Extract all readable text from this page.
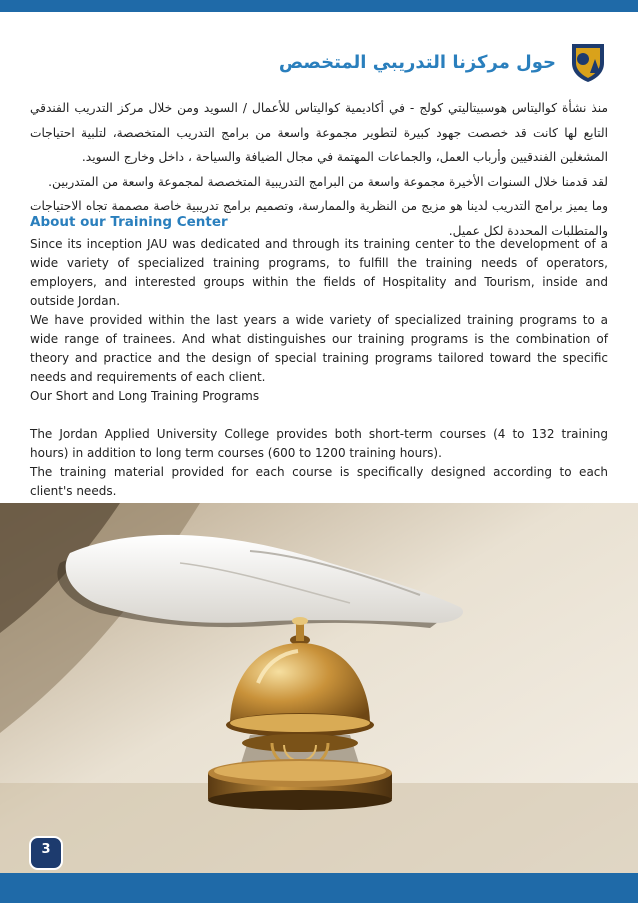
حول مركزنا التدريبي المتخصص

منذ نشأة كواليتاس هوسبيتاليتي كولج - في أكاديمية كواليتاس للأعمال / السويد ومن خلال مركز التدريب الفندقي التابع لها كانت قد خصصت جهود كبيرة لتطوير مجموعة واسعة من برامج التدريب المتخصصة، لتلبية احتياجات المشغلين الفندقيين وأرباب العمل، والجماعات المهتمة في مجال الضيافة والسياحة ، داخل وخارج السويد.

لقد قدمنا خلال السنوات الأخيرة مجموعة واسعة من البرامج التدريبية المتخصصة لمجموعة واسعة من المتدربين.

وما يميز برامج التدريب لدينا هو مزيج من النظرية والممارسة، وتصميم برامج تدريبية خاصة مصممة تجاه الاحتياجات والمتطلبات المحددة لكل عميل.

About our Training Center

Since its inception JAU was dedicated and through its training center to the development of a wide variety of specialized training programs, to fulfill the training needs of operators, employers, and interested groups within the fields of Hospitality and Tourism, inside and outside Jordan.

We have provided within the last years a wide variety of specialized training programs to a wide range of trainees. And what distinguishes our training programs is the combination of theory and practice and the design of special training programs tailored toward the specific needs and requirements of each client.

Our Short and Long Training Programs

The Jordan Applied University College provides both short-term courses (4 to 132 training hours) in addition to long term courses (600 to 1200 training hours).

The training material provided for each course is specifically designed according to each client's needs.

3
